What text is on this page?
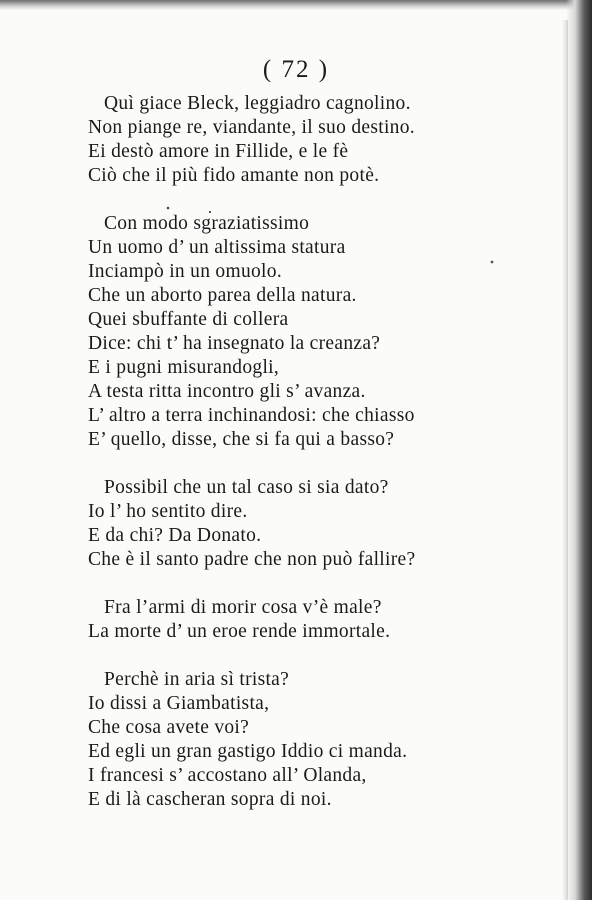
( 72 )
Quì giace Bleck, leggiadro cagnolino.
Non piange re, viandante, il suo destino.
Ei destò amore in Fillide, e le fè
Ciò che il più fido amante non potè.
Con modo sgraziatissimo
Un uomo d’ un altissima statura
Inciampò in un omuolo.
Che un aborto parea della natura.
Quei sbuffante di collera
Dice: chi t’ ha insegnato la creanza?
E i pugni misurandogli,
A testa ritta incontro gli s’ avanza.
L’ altro a terra inchinandosi: che chiasso
E’ quello, disse, che si fa qui a basso?
Possibil che un tal caso si sia dato?
Io l’ ho sentito dire.
E da chi? Da Donato.
Che è il santo padre che non può fallire?
Fra l’armi di morir cosa v’è male?
La morte d’ un eroe rende immortale.
Perchè in aria sì trista?
Io dissi a Giambatista,
Che cosa avete voi?
Ed egli un gran gastigo Iddio ci manda.
I francesi s’ accostano all’ Olanda,
E di là cascheran sopra di noi.
